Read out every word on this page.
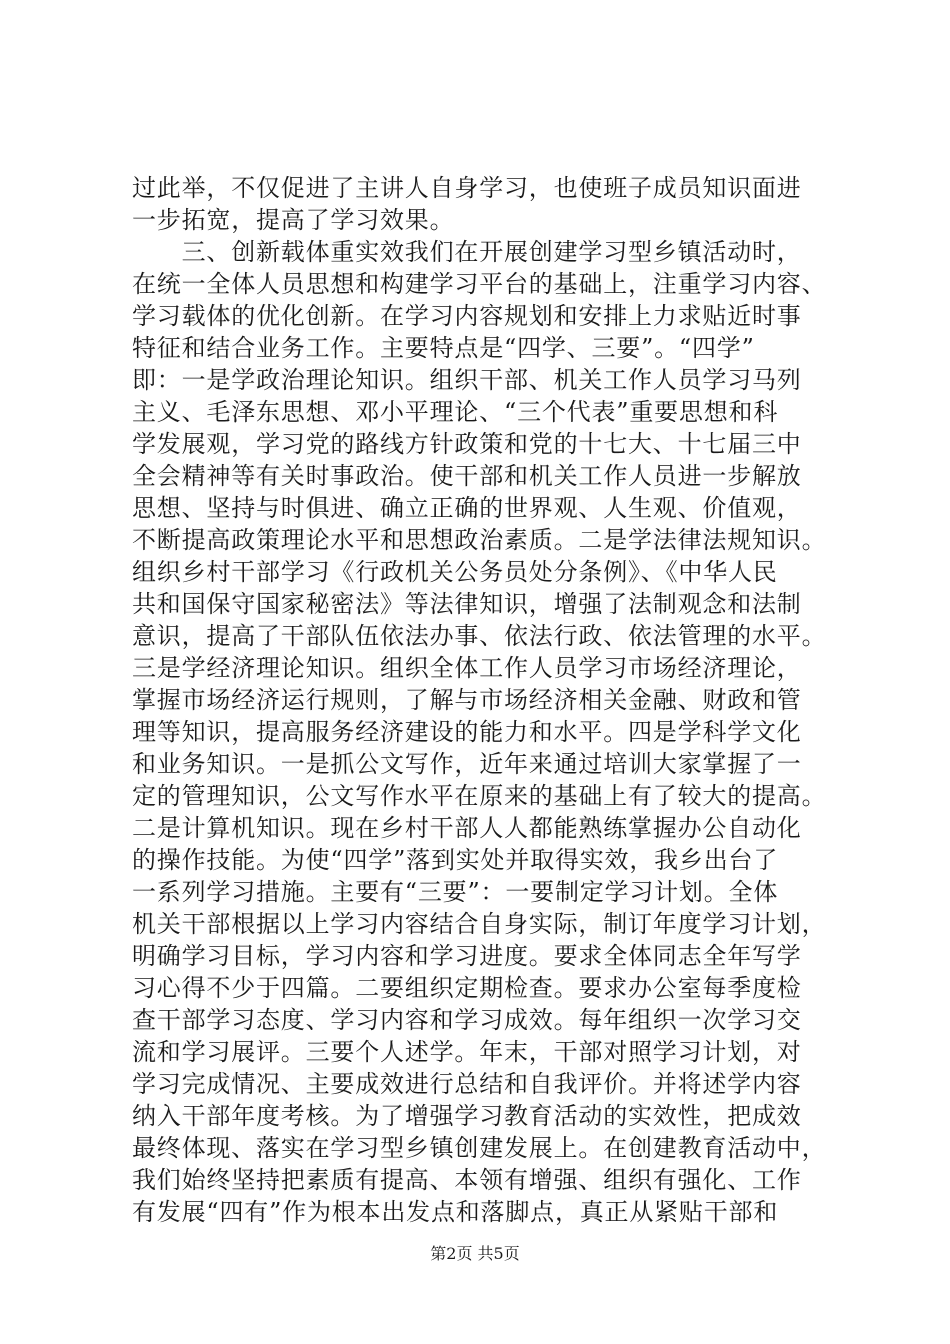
过此举，不仅促进了主讲人自身学习，也使班子成员知识面进
一步拓宽，提高了学习效果。
　　三、创新载体重实效我们在开展创建学习型乡镇活动时，
在统一全体人员思想和构建学习平台的基础上，注重学习内容、
学习载体的优化创新。在学习内容规划和安排上力求贴近时事
特征和结合业务工作。主要特点是“四学、三要”。“四学”
即：一是学政治理论知识。组织干部、机关工作人员学习马列
主义、毛泽东思想、邓小平理论、“三个代表”重要思想和科
学发展观，学习党的路线方针政策和党的十七大、十七届三中
全会精神等有关时事政治。使干部和机关工作人员进一步解放
思想、坚持与时俱进、确立正确的世界观、人生观、价值观，
不断提高政策理论水平和思想政治素质。二是学法律法规知识。
组织乡村干部学习《行政机关公务员处分条例》、《中华人民
共和国保守国家秘密法》等法律知识，增强了法制观念和法制
意识，提高了干部队伍依法办事、依法行政、依法管理的水平。
三是学经济理论知识。组织全体工作人员学习市场经济理论，
掌握市场经济运行规则，了解与市场经济相关金融、财政和管
理等知识，提高服务经济建设的能力和水平。四是学科学文化
和业务知识。一是抓公文写作，近年来通过培训大家掌握了一
定的管理知识，公文写作水平在原来的基础上有了较大的提高。
二是计算机知识。现在乡村干部人人都能熟练掌握办公自动化
的操作技能。为使“四学”落到实处并取得实效，我乡出台了
一系列学习措施。主要有“三要”：一要制定学习计划。全体
机关干部根据以上学习内容结合自身实际，制订年度学习计划，
明确学习目标，学习内容和学习进度。要求全体同志全年写学
习心得不少于四篇。二要组织定期检查。要求办公室每季度检
查干部学习态度、学习内容和学习成效。每年组织一次学习交
流和学习展评。三要个人述学。年末，干部对照学习计划，对
学习完成情况、主要成效进行总结和自我评价。并将述学内容
纳入干部年度考核。为了增强学习教育活动的实效性，把成效
最终体现、落实在学习型乡镇创建发展上。在创建教育活动中，
我们始终坚持把素质有提高、本领有增强、组织有强化、工作
有发展“四有”作为根本出发点和落脚点，真正从紧贴干部和
第2页 共5页
